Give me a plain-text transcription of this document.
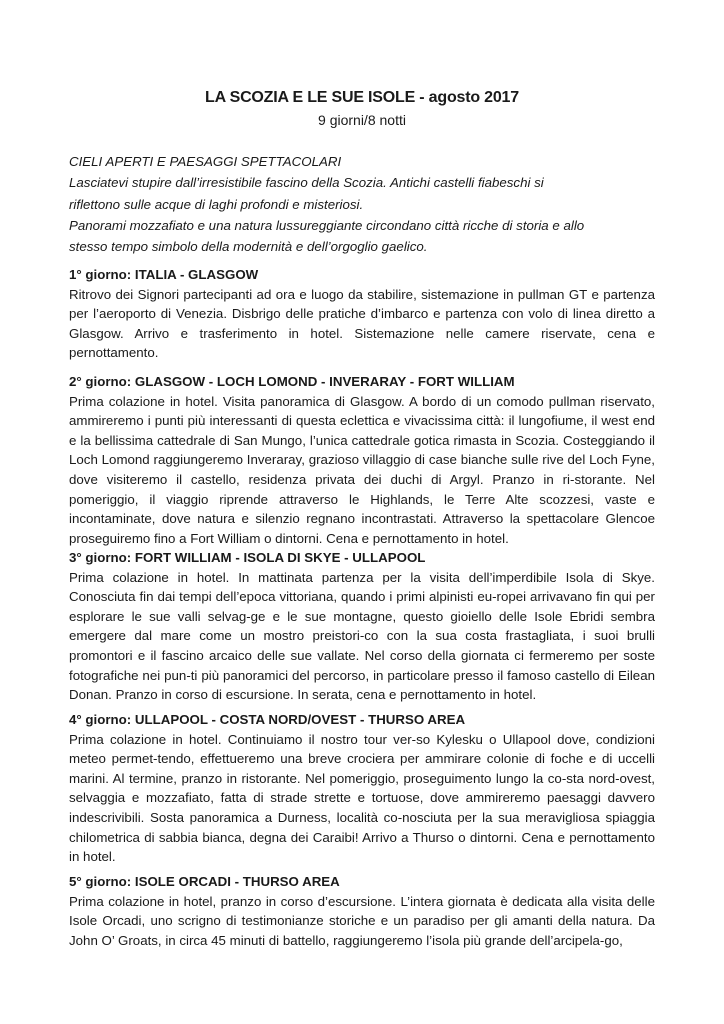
LA SCOZIA E LE SUE ISOLE - agosto 2017
9 giorni/8 notti
CIELI APERTI E PAESAGGI SPETTACOLARI
Lasciatevi stupire dall’irresistibile fascino della Scozia. Antichi castelli fiabeschi si
riflettono sulle acque di laghi profondi e misteriosi.
Panorami mozzafiato e una natura lussureggiante circondano città ricche di storia e allo
stesso tempo simbolo della modernità e dell’orgoglio gaelico.
1° giorno: ITALIA - GLASGOW

Ritrovo dei Signori partecipanti ad ora e luogo da stabilire, sistemazione in pullman GT e partenza per l’aeroporto di Venezia. Disbrigo delle pratiche d’imbarco e partenza con volo di linea diretto a Glasgow. Arrivo e trasferimento in hotel. Sistemazione nelle camere riservate, cena e pernottamento.

2° giorno: GLASGOW - LOCH LOMOND - INVERARAY - FORT WILLIAM

Prima colazione in hotel. Visita panoramica di Glasgow. A bordo di un comodo pullman riservato, ammireremo i punti più interessanti di questa eclettica e vivacissima città: il lungofiume, il west end e la bellissima cattedrale di San Mungo, l’unica cattedrale gotica rimasta in Scozia. Costeggiando il Loch Lomond raggiungeremo Inveraray, grazioso villaggio di case bianche sulle rive del Loch Fyne, dove visiteremo il castello, residenza privata dei duchi di Argyl. Pranzo in ri-storante. Nel pomeriggio, il viaggio riprende attraverso le Highlands, le Terre Alte scozzesi, vaste e incontaminate, dove natura e silenzio regnano incontrastati. Attraverso la spettacolare Glencoe proseguiremo fino a Fort William o dintorni. Cena e pernottamento in hotel.

3° giorno: FORT WILLIAM - ISOLA DI SKYE - ULLAPOOL

Prima colazione in hotel. In mattinata partenza per la visita dell’imperdibile Isola di Skye. Conosciuta fin dai tempi dell’epoca vittoriana, quando i primi alpinisti eu-ropei arrivavano fin qui per esplorare le sue valli selvag-ge e le sue montagne, questo gioiello delle Isole Ebridi sembra emergere dal mare come un mostro preistori-co con la sua costa frastagliata, i suoi brulli promontori e il fascino arcaico delle sue vallate. Nel corso della giornata ci fermeremo per soste fotografiche nei pun-ti più panoramici del percorso, in particolare presso il famoso castello di Eilean Donan. Pranzo in corso di escursione. In serata, cena e pernottamento in hotel.

4° giorno: ULLAPOOL - COSTA NORD/OVEST - THURSO AREA

Prima colazione in hotel. Continuiamo il nostro tour ver-so Kylesku o Ullapool dove, condizioni meteo permet-tendo, effettueremo una breve crociera per ammirare colonie di foche e di uccelli marini. Al termine, pranzo in ristorante. Nel pomeriggio, proseguimento lungo la co-sta nord-ovest, selvaggia e mozzafiato, fatta di strade strette e tortuose, dove ammireremo paesaggi davvero indescrivibili. Sosta panoramica a Durness, località co-nosciuta per la sua meravigliosa spiaggia chilometrica di sabbia bianca, degna dei Caraibi! Arrivo a Thurso o dintorni. Cena e pernottamento in hotel.

5° giorno: ISOLE ORCADI - THURSO AREA

Prima colazione in hotel, pranzo in corso d’escursione. L’intera giornata è dedicata alla visita delle Isole Orcadi, uno scrigno di testimonianze storiche e un paradiso per gli amanti della natura. Da John O’ Groats, in circa 45 minuti di battello, raggiungeremo l’isola più grande dell’arcipela-go,
